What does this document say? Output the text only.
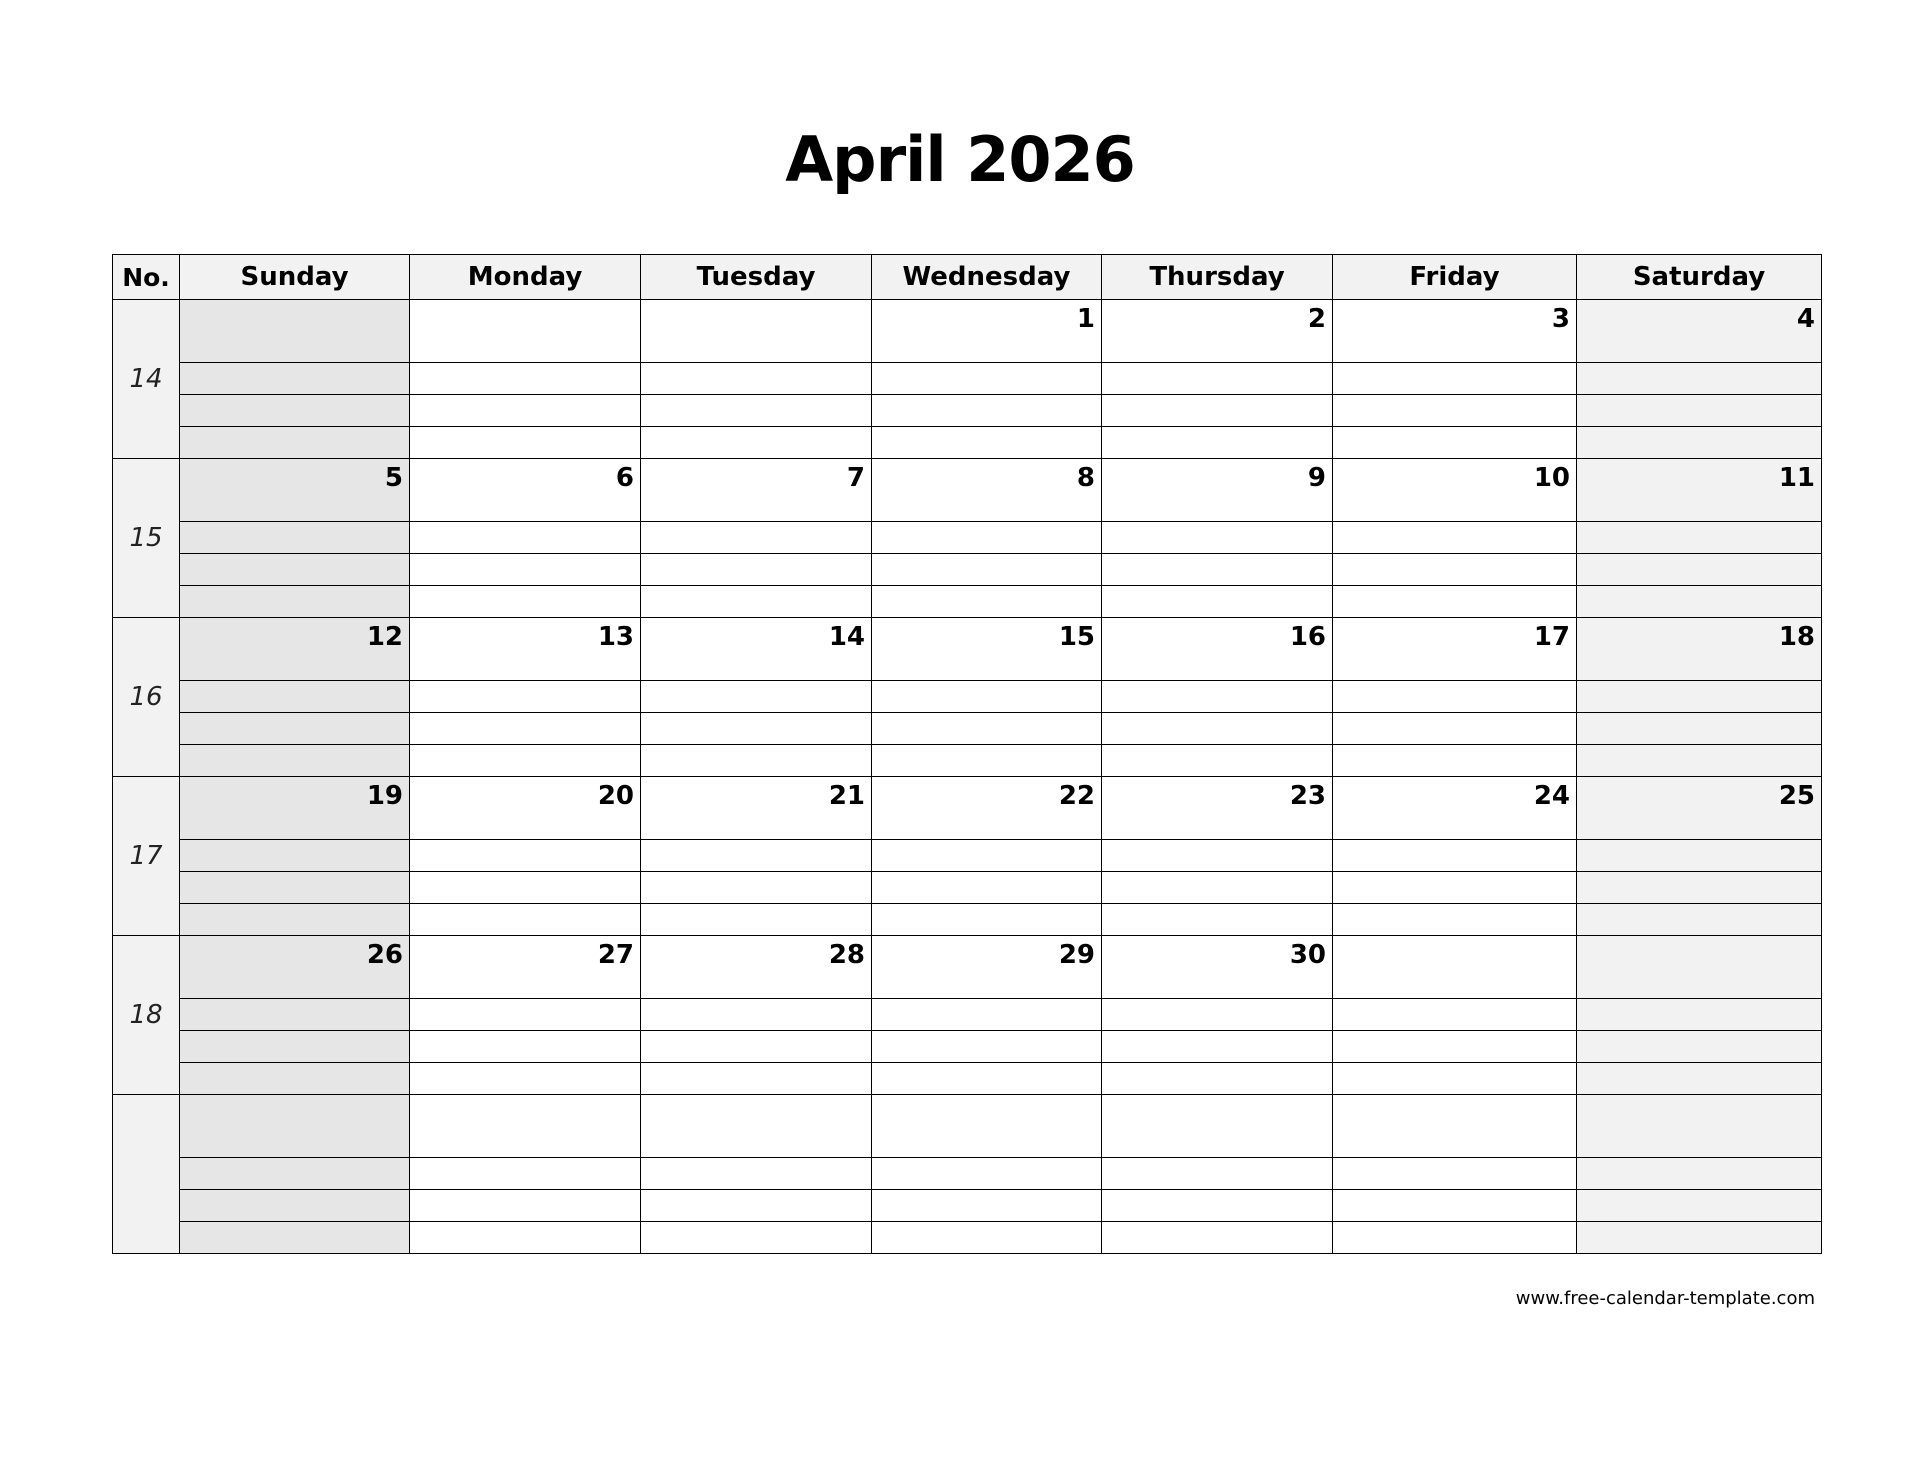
April 2026
No.	Sunday	Monday	Tuesday	Wednesday	Thursday	Friday	Saturday
14				1	2	3	4

15	5	6	7	8	9	10	11

16	12	13	14	15	16	17	18

17	19	20	21	22	23	24	25

18	26	27	28	29	30		

www.free-calendar-template.com
